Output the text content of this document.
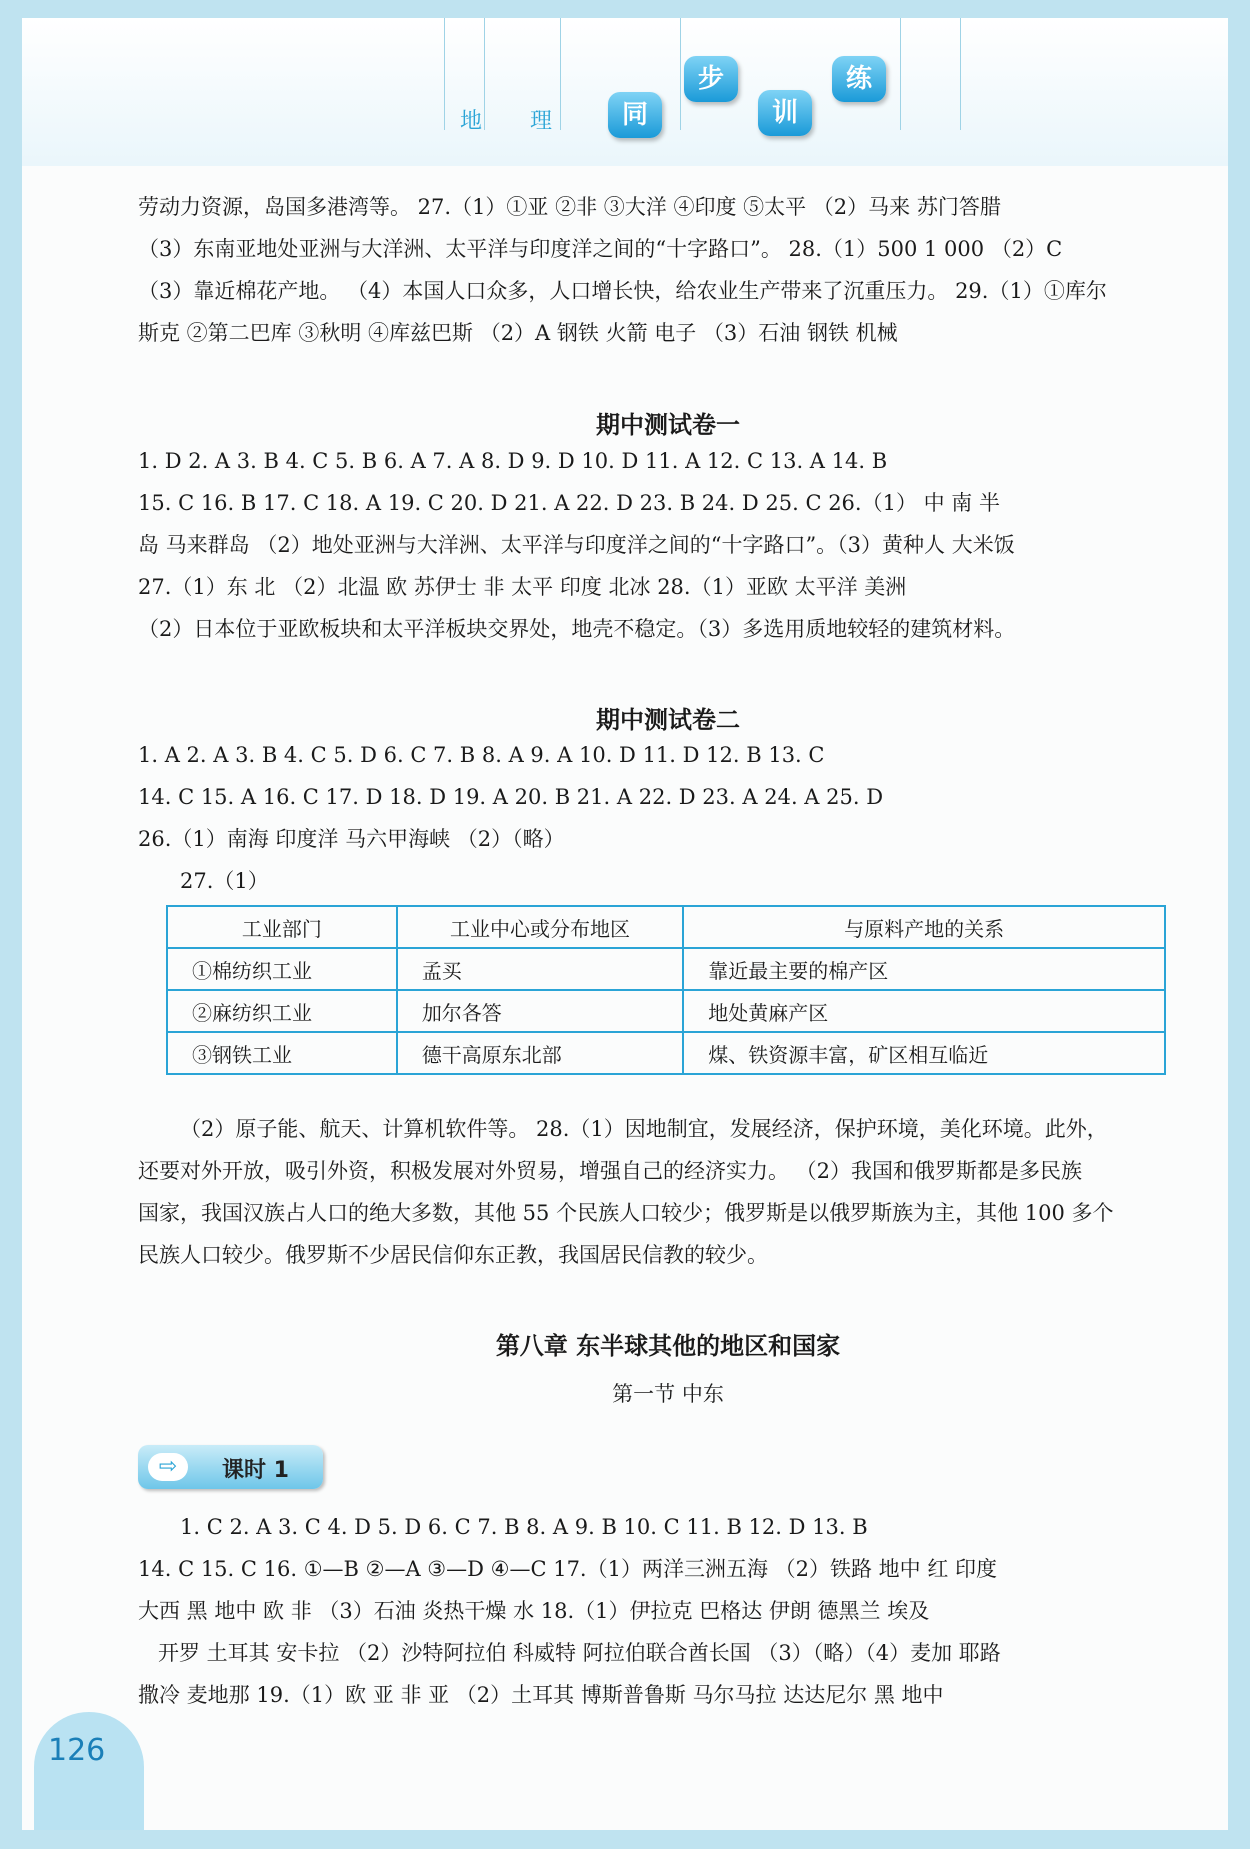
地 理	同
步
训
练

劳动力资源，岛国多港湾等。 27.（1）①亚 ②非 ③大洋 ④印度 ⑤太平 （2）马来 苏门答腊

（3）东南亚地处亚洲与大洋洲、太平洋与印度洋之间的“十字路口”。 28.（1）500 1 000 （2）C

（3）靠近棉花产地。 （4）本国人口众多，人口增长快，给农业生产带来了沉重压力。 29.（1）①库尔

斯克 ②第二巴库 ③秋明 ④库兹巴斯 （2）A 钢铁 火箭 电子 （3）石油 钢铁 机械

期中测试卷一

1. D 2. A 3. B 4. C 5. B 6. A 7. A 8. D 9. D 10. D 11. A 12. C 13. A 14. B

15. C 16. B 17. C 18. A 19. C 20. D 21. A 22. D 23. B 24. D 25. C 26.（1） 中 南 半

岛 马来群岛 （2）地处亚洲与大洋洲、太平洋与印度洋之间的“十字路口”。（3）黄种人 大米饭

27.（1）东 北 （2）北温 欧 苏伊士 非 太平 印度 北冰 28.（1）亚欧 太平洋 美洲

（2）日本位于亚欧板块和太平洋板块交界处，地壳不稳定。（3）多选用质地较轻的建筑材料。

期中测试卷二

1. A 2. A 3. B 4. C 5. D 6. C 7. B 8. A 9. A 10. D 11. D 12. B 13. C

14. C 15. A 16. C 17. D 18. D 19. A 20. B 21. A 22. D 23. A 24. A 25. D

26.（1）南海 印度洋 马六甲海峡 （2）（略）

27.（1）

工业部门	工业中心或分布地区	与原料产地的关系
①棉纺织工业	孟买	靠近最主要的棉产区
②麻纺织工业	加尔各答	地处黄麻产区
③钢铁工业	德干高原东北部	煤、铁资源丰富，矿区相互临近

（2）原子能、航天、计算机软件等。 28.（1）因地制宜，发展经济，保护环境，美化环境。此外，

还要对外开放，吸引外资，积极发展对外贸易，增强自己的经济实力。 （2）我国和俄罗斯都是多民族

国家，我国汉族占人口的绝大多数，其他 55 个民族人口较少；俄罗斯是以俄罗斯族为主，其他 100 多个

民族人口较少。俄罗斯不少居民信仰东正教，我国居民信教的较少。

第八章 东半球其他的地区和国家
第一节 中东
⇨	课时 1

1. C 2. A 3. C 4. D 5. D 6. C 7. B 8. A 9. B 10. C 11. B 12. D 13. B

14. C 15. C 16. ①—B ②—A ③—D ④—C 17.（1）两洋三洲五海 （2）铁路 地中 红 印度

大西 黑 地中 欧 非 （3）石油 炎热干燥 水 18.（1）伊拉克 巴格达 伊朗 德黑兰 埃及

开罗 土耳其 安卡拉 （2）沙特阿拉伯 科威特 阿拉伯联合酋长国 （3）（略）（4）麦加 耶路

撒冷 麦地那 19.（1）欧 亚 非 亚 （2）土耳其 博斯普鲁斯 马尔马拉 达达尼尔 黑 地中

126
